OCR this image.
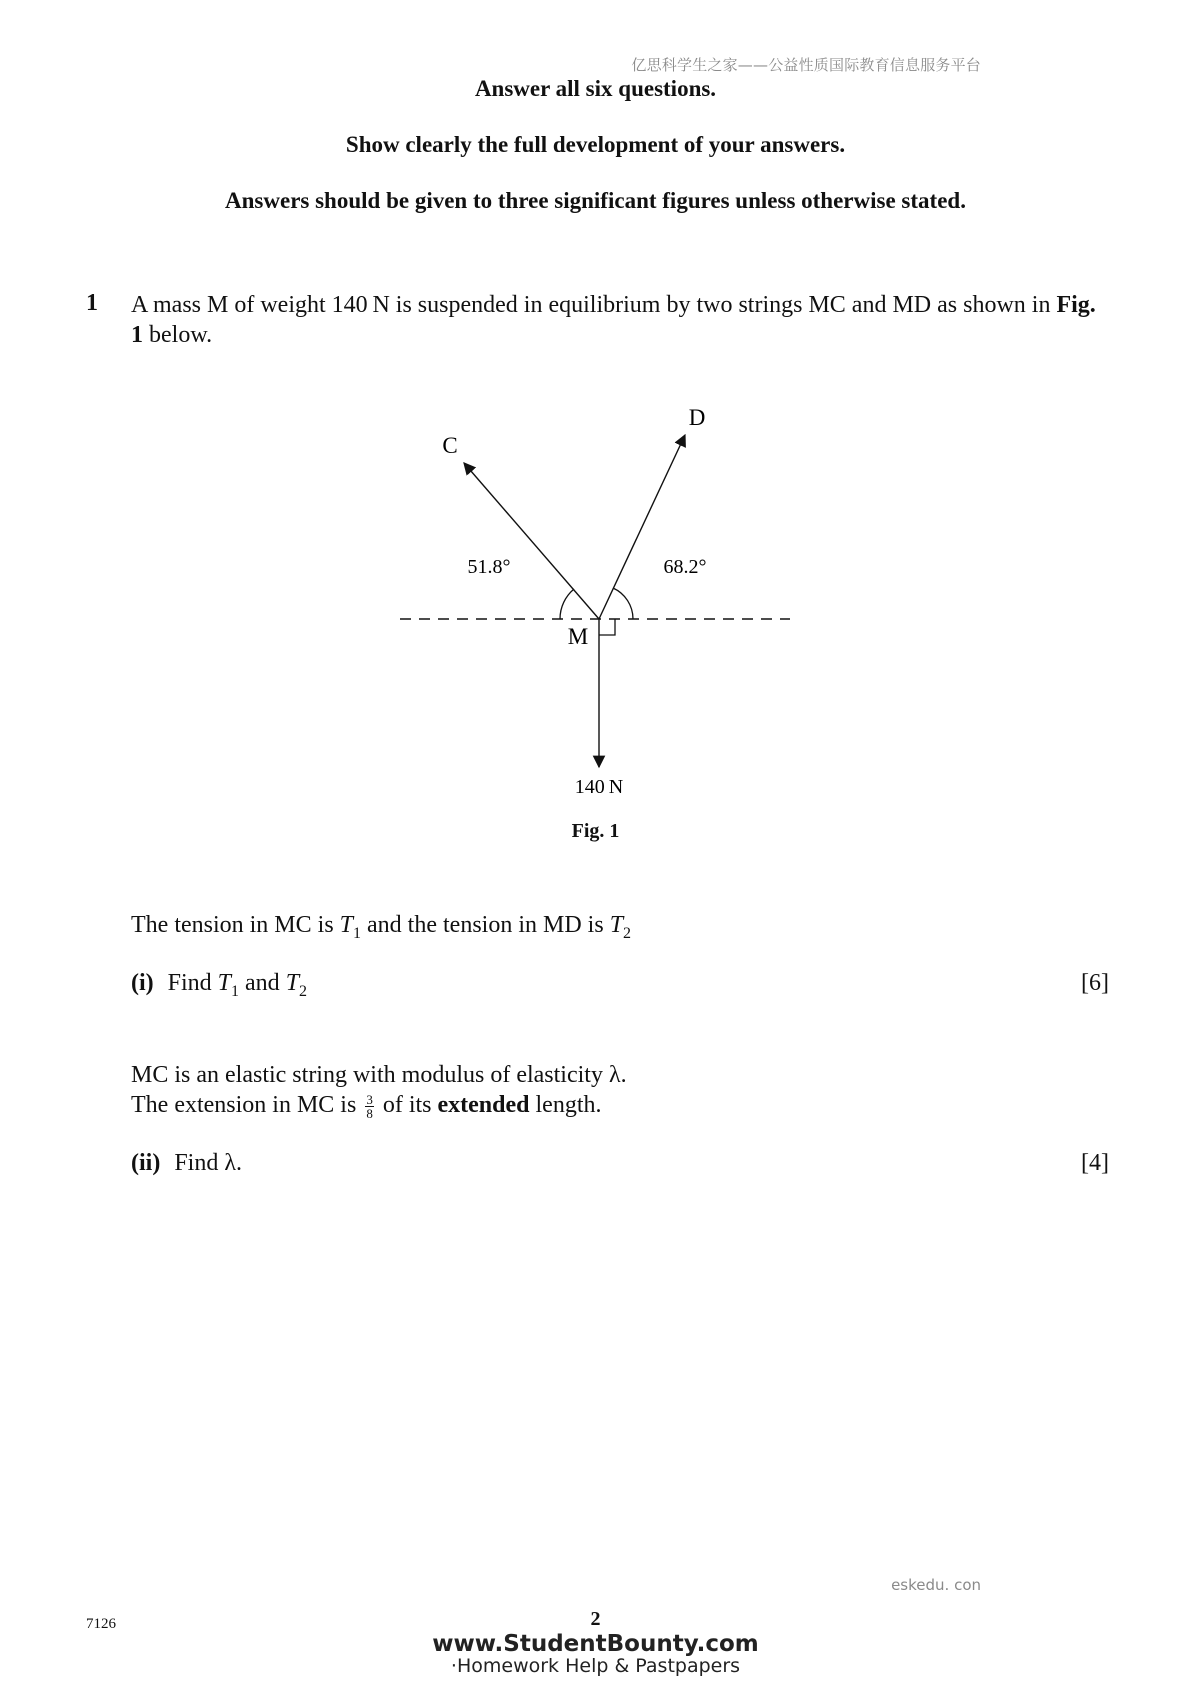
亿思科学生之家——公益性质国际教育信息服务平台
Answer all six questions.
Show clearly the full development of your answers.
Answers should be given to three significant figures unless otherwise stated.
1 A mass M of weight 140 N is suspended in equilibrium by two strings MC and MD as shown in Fig. 1 below.
C
D
M
51.8°	68.2°
140 N
Fig. 1
The tension in MC is $T_1$ and the tension in MD is $T_2$
(i) Find $T_1$ and $T_2$	[6]
MC is an elastic string with modulus of elasticity λ.
The extension in MC is $\frac{3}{8}$ of its extended length.
(ii) Find λ.	[4]
eskedu. con
7126	2
www.StudentBounty.com
·Homework Help & Pastpapers
